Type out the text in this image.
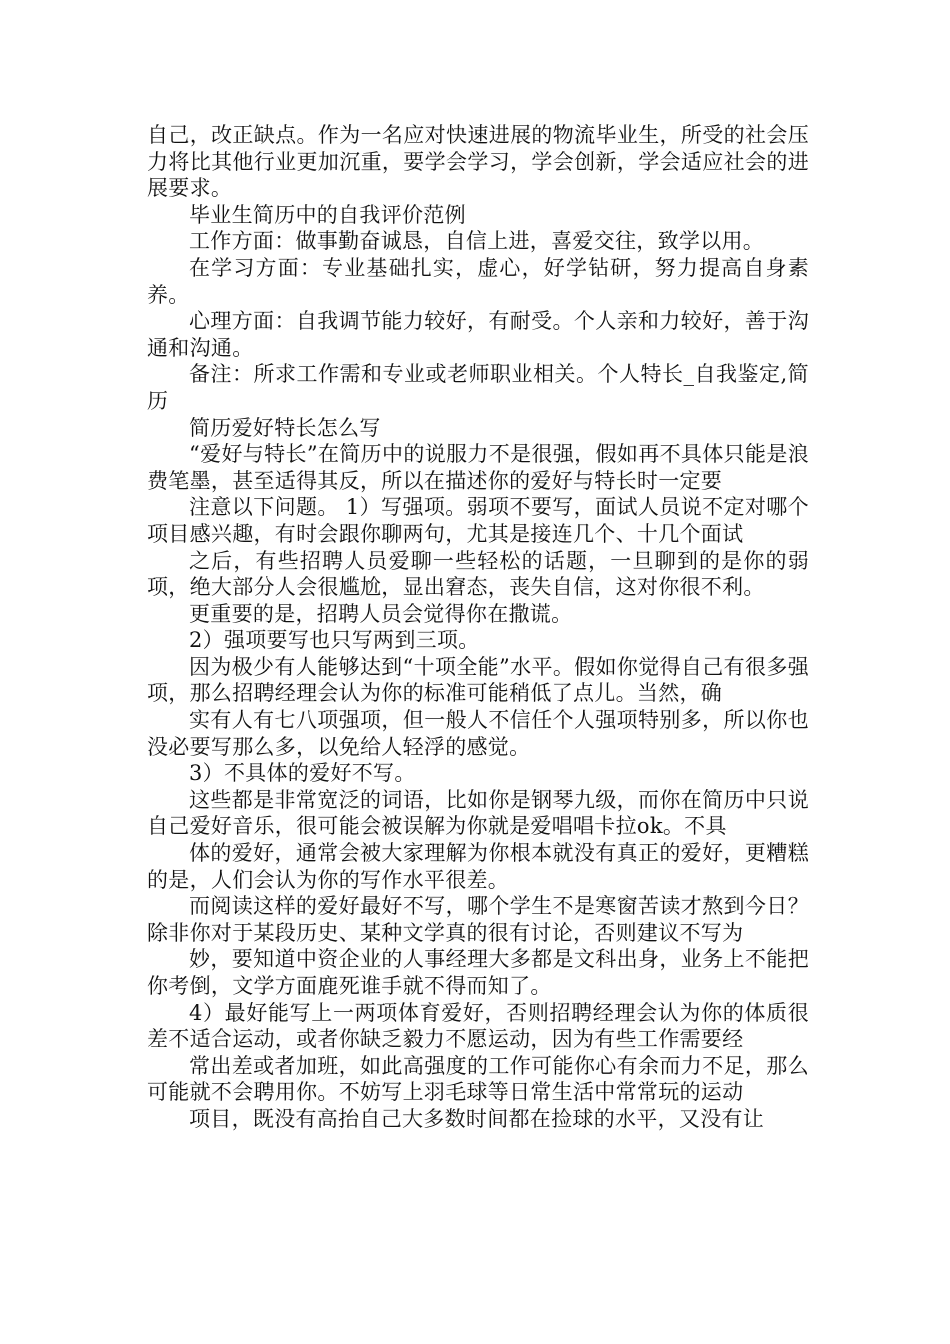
自己，改正缺点。作为一名应对快速进展的物流毕业生，所受的社会压力将比其他行业更加沉重，要学会学习，学会创新，学会适应社会的进展要求。

毕业生简历中的自我评价范例

工作方面：做事勤奋诚恳，自信上进，喜爱交往，致学以用。

在学习方面：专业基础扎实，虚心，好学钻研，努力提高自身素养。

心理方面：自我调节能力较好，有耐受。个人亲和力较好，善于沟通和沟通。

备注：所求工作需和专业或老师职业相关。个人特长_自我鉴定,简历

简历爱好特长怎么写

“爱好与特长”在简历中的说服力不是很强，假如再不具体只能是浪费笔墨，甚至适得其反，所以在描述你的爱好与特长时一定要

注意以下问题。 1）写强项。弱项不要写，面试人员说不定对哪个项目感兴趣，有时会跟你聊两句，尤其是接连几个、十几个面试

之后，有些招聘人员爱聊一些轻松的话题，一旦聊到的是你的弱项，绝大部分人会很尴尬，显出窘态，丧失自信，这对你很不利。

更重要的是，招聘人员会觉得你在撒谎。

2）强项要写也只写两到三项。

因为极少有人能够达到“十项全能”水平。假如你觉得自己有很多强项，那么招聘经理会认为你的标准可能稍低了点儿。当然，确

实有人有七八项强项，但一般人不信任个人强项特别多，所以你也没必要写那么多，以免给人轻浮的感觉。

3）不具体的爱好不写。

这些都是非常宽泛的词语，比如你是钢琴九级，而你在简历中只说自己爱好音乐，很可能会被误解为你就是爱唱唱卡拉ok。不具

体的爱好，通常会被大家理解为你根本就没有真正的爱好，更糟糕的是，人们会认为你的写作水平很差。

而阅读这样的爱好最好不写，哪个学生不是寒窗苦读才熬到今日？除非你对于某段历史、某种文学真的很有讨论，否则建议不写为

妙，要知道中资企业的人事经理大多都是文科出身，业务上不能把你考倒，文学方面鹿死谁手就不得而知了。

4）最好能写上一两项体育爱好，否则招聘经理会认为你的体质很差不适合运动，或者你缺乏毅力不愿运动，因为有些工作需要经

常出差或者加班，如此高强度的工作可能你心有余而力不足，那么可能就不会聘用你。不妨写上羽毛球等日常生活中常常玩的运动

项目，既没有高抬自己大多数时间都在捡球的水平，又没有让
